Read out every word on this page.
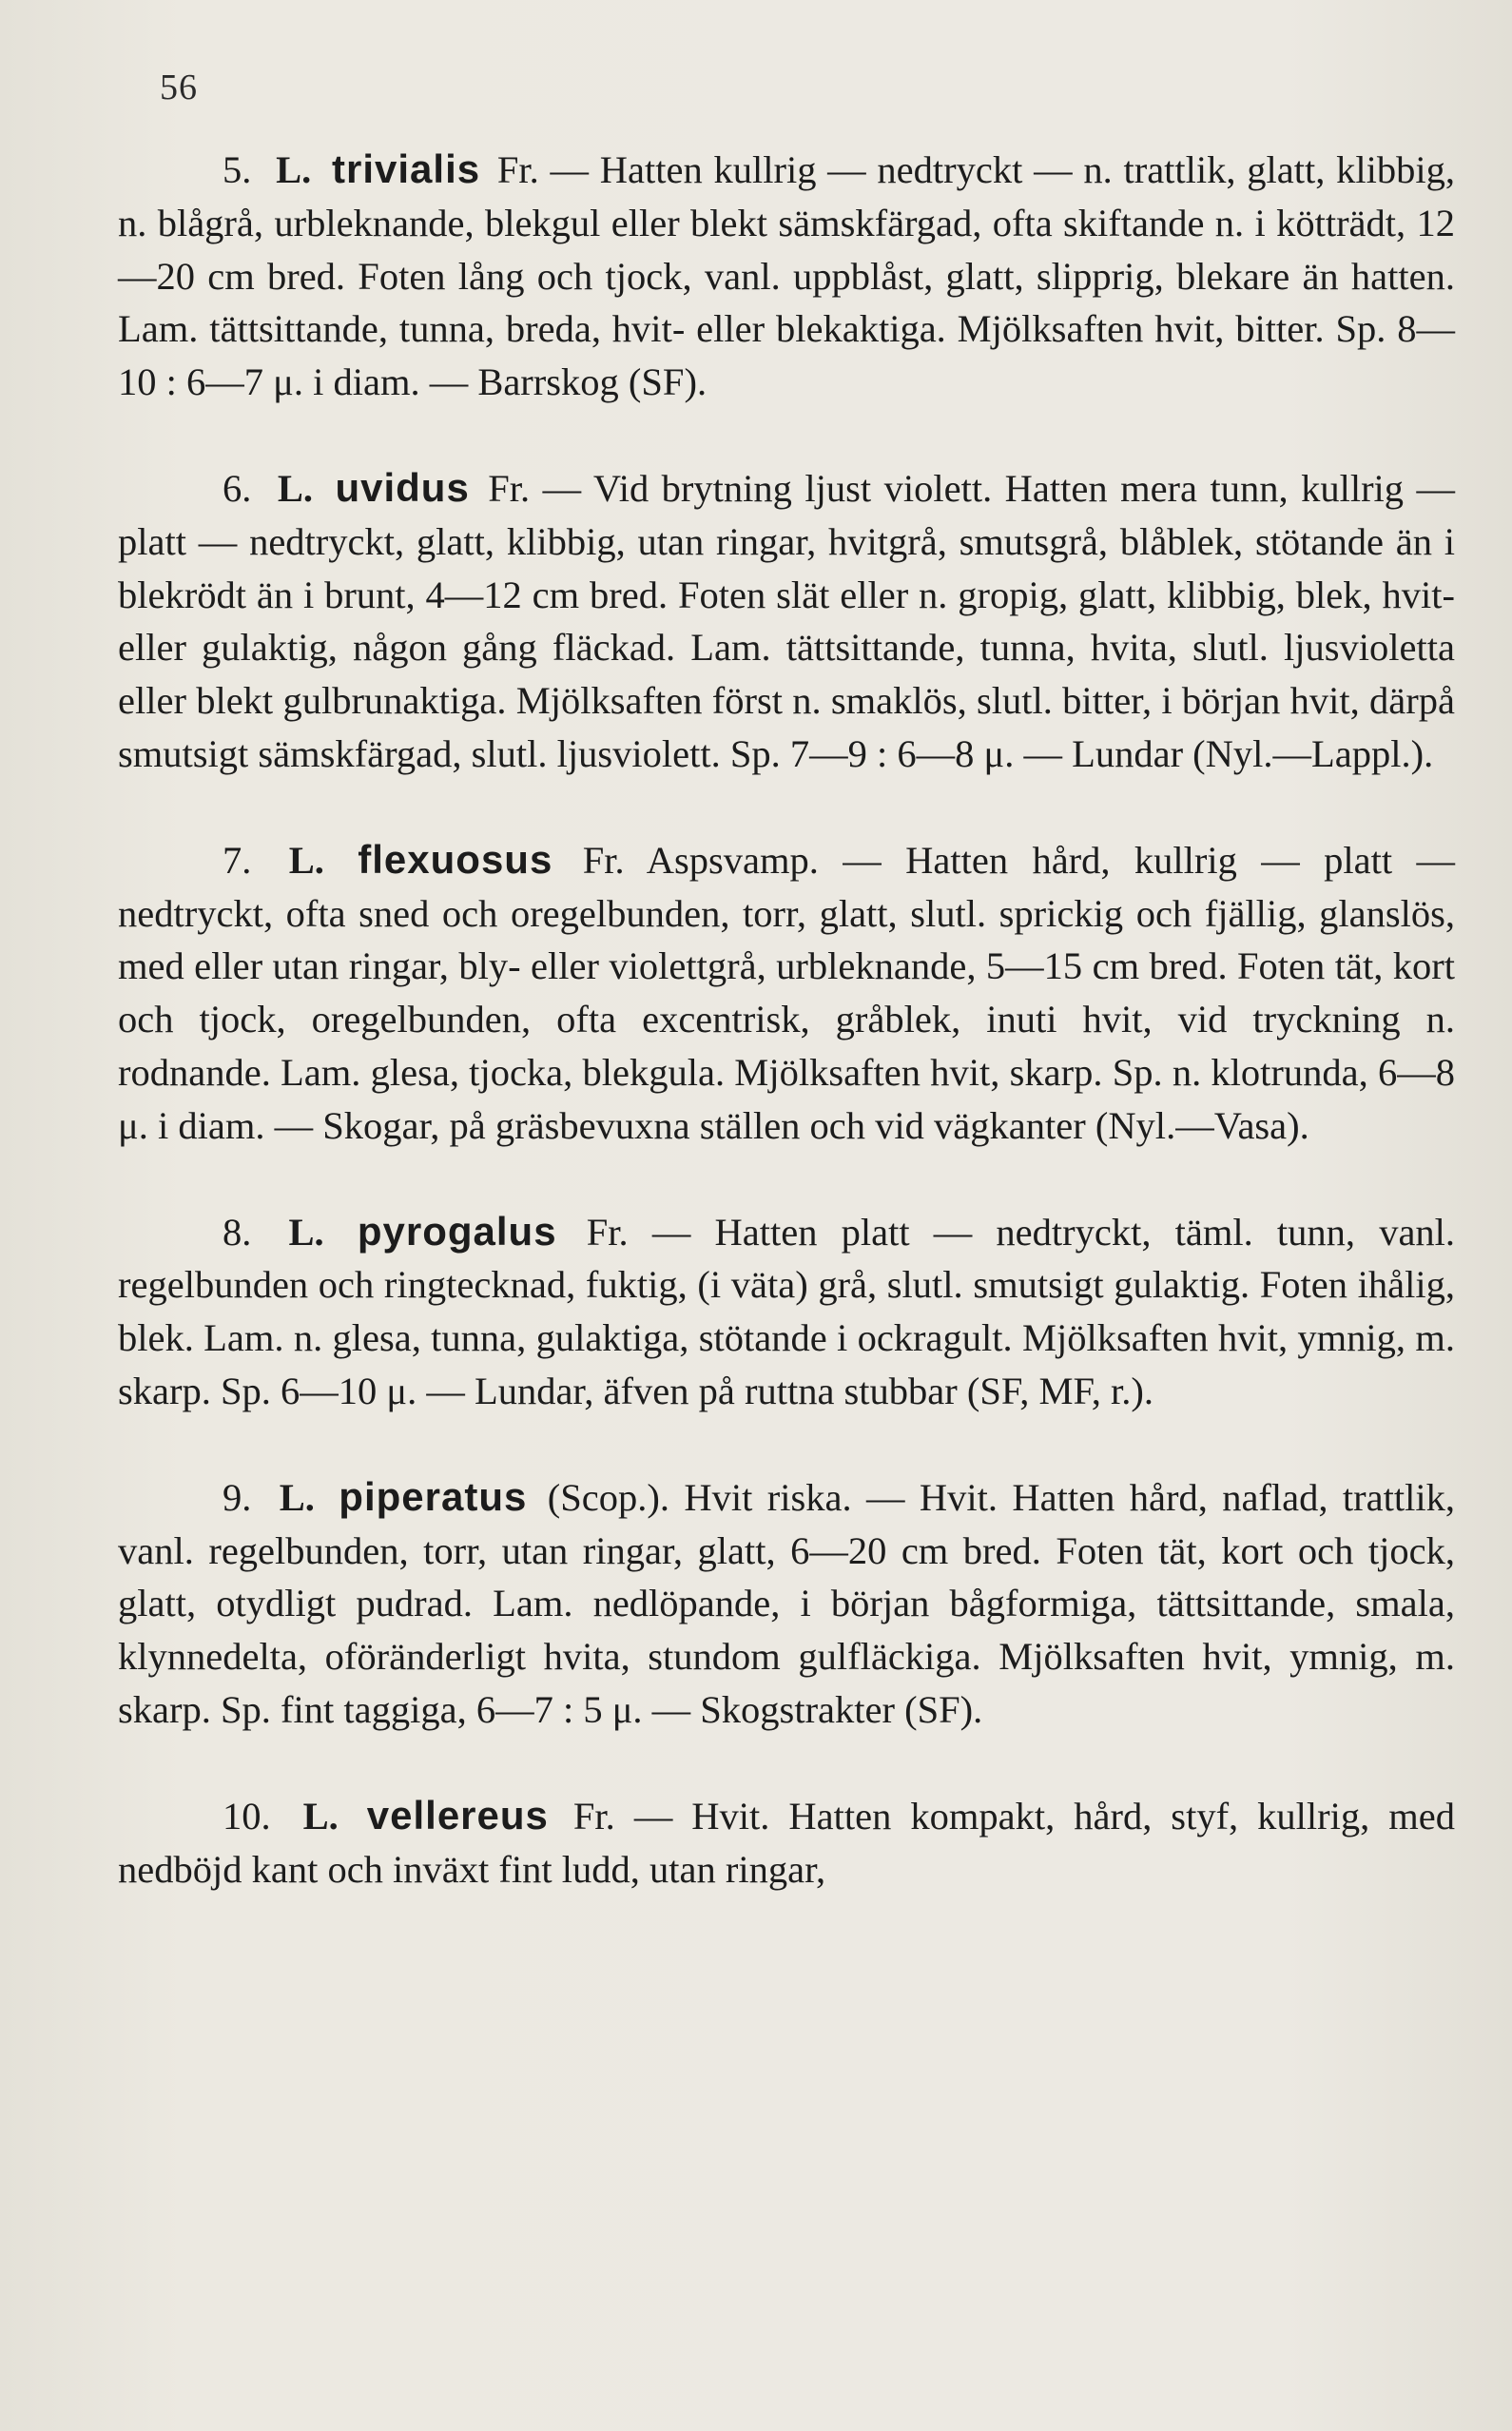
56

5. L. trivialis Fr. — Hatten kullrig — nedtryckt — n. trattlik, glatt, klibbig, n. blågrå, urbleknande, blekgul eller blekt sämskfärgad, ofta skiftande n. i kötträdt, 12—20 cm bred. Foten lång och tjock, vanl. uppblåst, glatt, slipprig, blekare än hatten. Lam. tättsittande, tunna, breda, hvit- eller blekaktiga. Mjölksaften hvit, bitter. Sp. 8—10 : 6—7 μ. i diam. — Barrskog (SF).

6. L. uvidus Fr. — Vid brytning ljust violett. Hatten mera tunn, kullrig — platt — nedtryckt, glatt, klibbig, utan ringar, hvitgrå, smutsgrå, blåblek, stötande än i blekrödt än i brunt, 4—12 cm bred. Foten slät eller n. gropig, glatt, klibbig, blek, hvit- eller gulaktig, någon gång fläckad. Lam. tättsittande, tunna, hvita, slutl. ljusvioletta eller blekt gulbrunaktiga. Mjölksaften först n. smaklös, slutl. bitter, i början hvit, därpå smutsigt sämskfärgad, slutl. ljusviolett. Sp. 7—9 : 6—8 μ. — Lundar (Nyl.—Lappl.).

7. L. flexuosus Fr. Aspsvamp. — Hatten hård, kullrig — platt — nedtryckt, ofta sned och oregelbunden, torr, glatt, slutl. sprickig och fjällig, glanslös, med eller utan ringar, bly- eller violettgrå, urbleknande, 5—15 cm bred. Foten tät, kort och tjock, oregelbunden, ofta excentrisk, gråblek, inuti hvit, vid tryckning n. rodnande. Lam. glesa, tjocka, blekgula. Mjölksaften hvit, skarp. Sp. n. klotrunda, 6—8 μ. i diam. — Skogar, på gräsbevuxna ställen och vid vägkanter (Nyl.—Vasa).

8. L. pyrogalus Fr. — Hatten platt — nedtryckt, täml. tunn, vanl. regelbunden och ringtecknad, fuktig, (i väta) grå, slutl. smutsigt gulaktig. Foten ihålig, blek. Lam. n. glesa, tunna, gulaktiga, stötande i ockragult. Mjölksaften hvit, ymnig, m. skarp. Sp. 6—10 μ. — Lundar, äfven på ruttna stubbar (SF, MF, r.).

9. L. piperatus (Scop.). Hvit riska. — Hvit. Hatten hård, naflad, trattlik, vanl. regelbunden, torr, utan ringar, glatt, 6—20 cm bred. Foten tät, kort och tjock, glatt, otydligt pudrad. Lam. nedlöpande, i början bågformiga, tättsittande, smala, klynnedelta, oföränderligt hvita, stundom gulfläckiga. Mjölksaften hvit, ymnig, m. skarp. Sp. fint taggiga, 6—7 : 5 μ. — Skogstrakter (SF).

10. L. vellereus Fr. — Hvit. Hatten kompakt, hård, styf, kullrig, med nedböjd kant och inväxt fint ludd, utan ringar,
